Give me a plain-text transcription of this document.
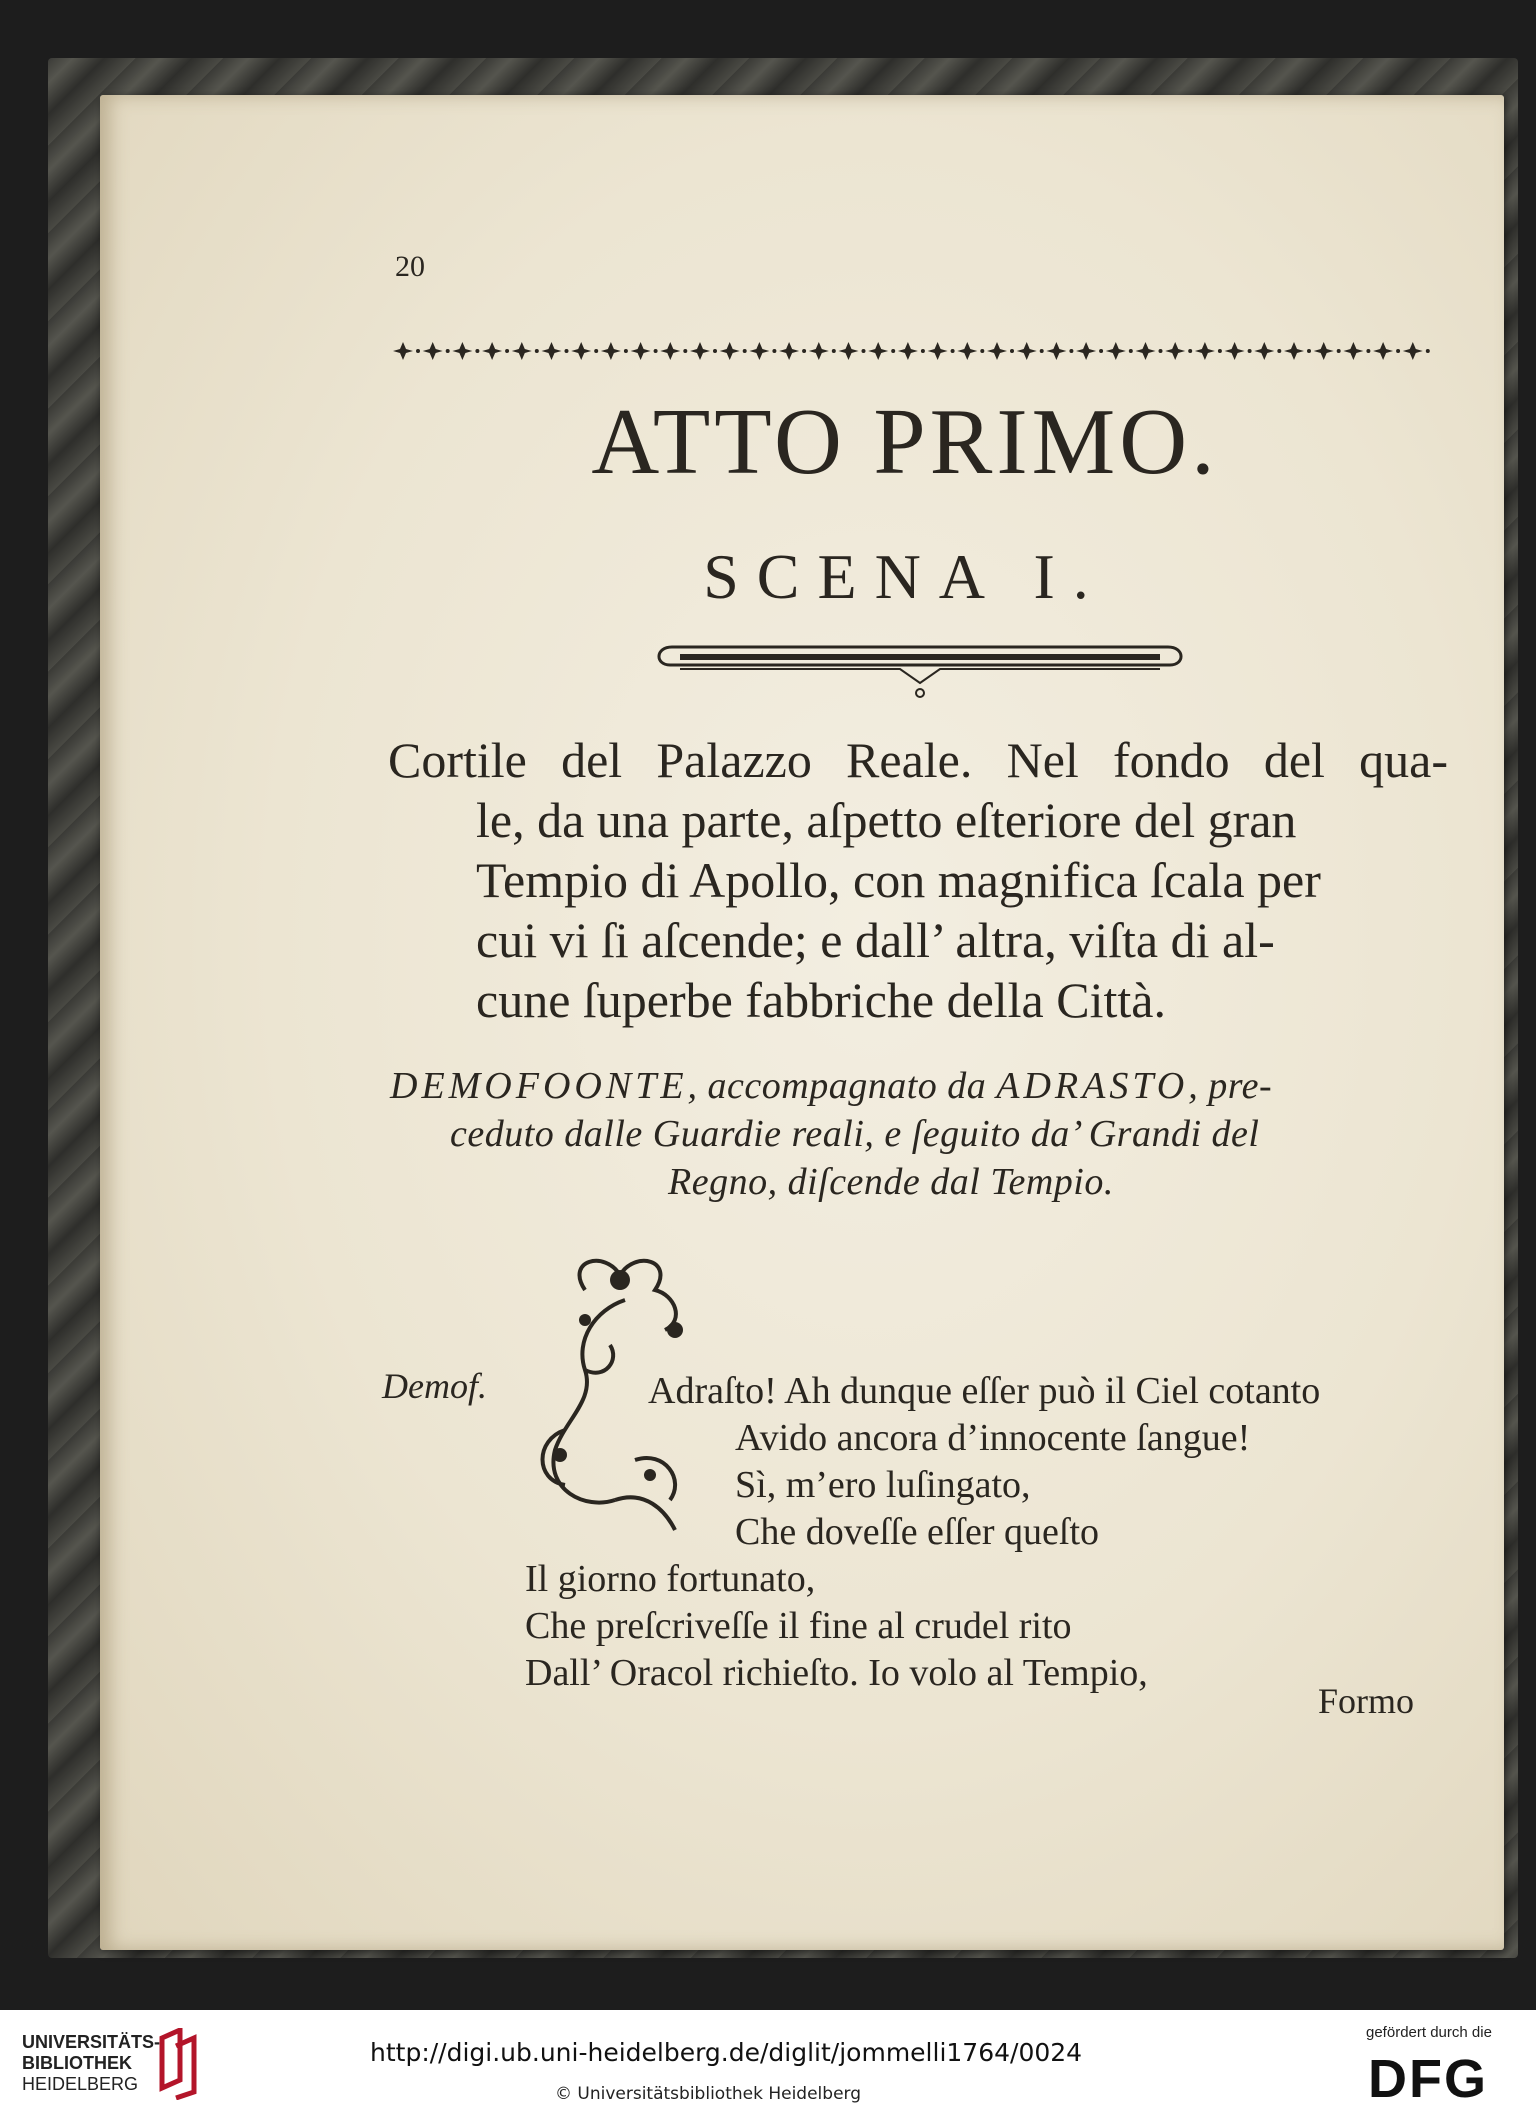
20
ATTO PRIMO.
SCENA I.
Cortile del Palazzo Reale. Nel fondo del qua-
le, da una parte, aſpetto eſteriore del gran
Tempio di Apollo, con magnifica ſcala per
cui vi ſi aſcende; e dall’ altra, viſta di al-
cune ſuperbe fabbriche della Città.
DEMOFOONTE, accompagnato da ADRASTO, pre-
ceduto dalle Guardie reali, e ſeguito da’ Grandi del
Regno, diſcende dal Tempio.
Demof.	Adraſto! Ah dunque eſſer può il Ciel cotanto
Avido ancora d’innocente ſangue!
Sì, m’ero luſingato,
Che doveſſe eſſer queſto
Il giorno fortunato,
Che preſcriveſſe il fine al crudel rito
Dall’ Oracol richieſto. Io volo al Tempio,
Formo
UNIVERSITÄTS-
BIBLIOTHEK
HEIDELBERG
http://digi.ub.uni-heidelberg.de/diglit/jommelli1764/0024
© Universitätsbibliothek Heidelberg
gefördert durch die
DFG
